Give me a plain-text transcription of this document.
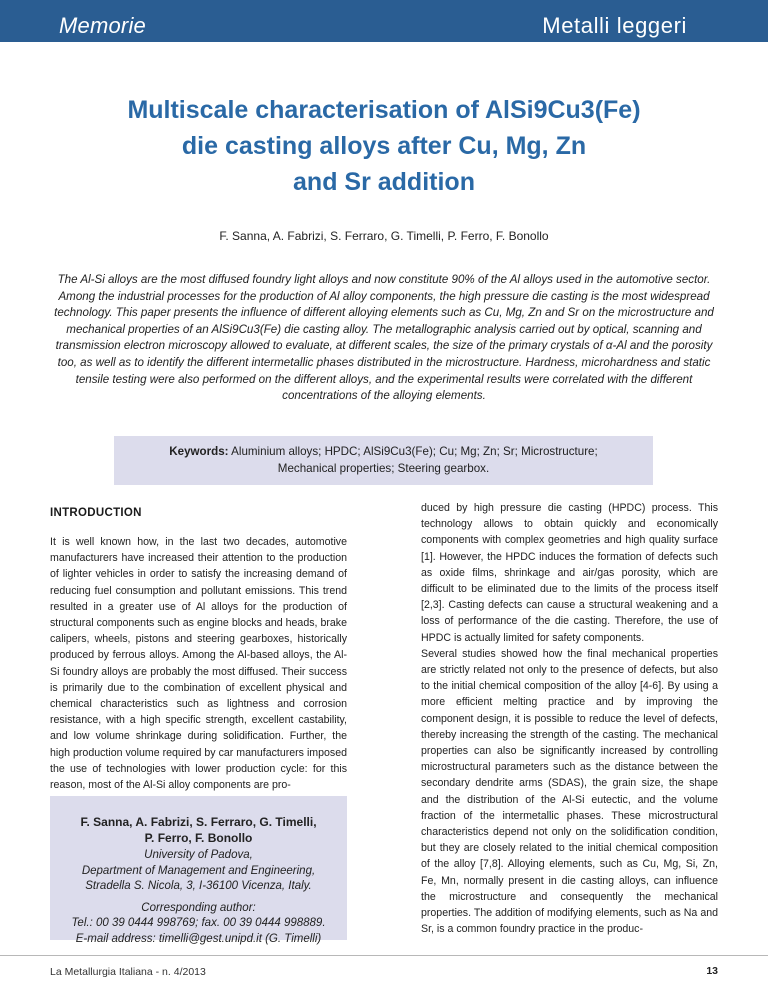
Memorie	Metalli leggeri
Multiscale characterisation of AlSi9Cu3(Fe)
die casting alloys after Cu, Mg, Zn
and Sr addition
F. Sanna, A. Fabrizi, S. Ferraro, G. Timelli, P. Ferro, F. Bonollo

The Al-Si alloys are the most diffused foundry light alloys and now constitute 90% of the Al alloys used in the automotive sector. Among the industrial processes for the production of Al alloy components, the high pressure die casting is the most widespread technology. This paper presents the influence of different alloying elements such as Cu, Mg, Zn and Sr on the microstructure and mechanical properties of an AlSi9Cu3(Fe) die casting alloy. The metallographic analysis carried out by optical, scanning and transmission electron microscopy allowed to evaluate, at different scales, the size of the primary crystals of α-Al and the porosity too, as well as to identify the different intermetallic phases distributed in the microstructure. Hardness, microhardness and static tensile testing were also performed on the different alloys, and the experimental results were correlated with the different concentrations of the alloying elements.

Keywords: Aluminium alloys; HPDC; AlSi9Cu3(Fe); Cu; Mg; Zn; Sr; Microstructure;
Mechanical properties; Steering gearbox.
INTRODUCTION

It is well known how, in the last two decades, automotive manufacturers have increased their attention to the production of lighter vehicles in order to satisfy the increasing demand of reducing fuel consumption and pollutant emissions. This trend resulted in a greater use of Al alloys for the production of structural components such as engine blocks and heads, brake calipers, wheels, pistons and steering gearboxes, historically produced by ferrous alloys. Among the Al-based alloys, the Al-Si foundry alloys are probably the most diffused. Their success is primarily due to the combination of excellent physical and chemical characteristics such as lightness and corrosion resistance, with a high specific strength, excellent castability, and low volume shrinkage during solidification. Further, the high production volume required by car manufacturers imposed the use of technologies with lower production cycle: for this reason, most of the Al-Si alloy components are pro-

F. Sanna, A. Fabrizi, S. Ferraro, G. Timelli,
P. Ferro, F. Bonollo
University of Padova,
Department of Management and Engineering,
Stradella S. Nicola, 3, I-36100 Vicenza, Italy.
Corresponding author:
Tel.: 00 39 0444 998769; fax. 00 39 0444 998889.
E-mail address: timelli@gest.unipd.it (G. Timelli)

duced by high pressure die casting (HPDC) process. This technology allows to obtain quickly and economically components with complex geometries and high quality surface [1]. However, the HPDC induces the formation of defects such as oxide films, shrinkage and air/gas porosity, which are difficult to be eliminated due to the limits of the process itself [2,3]. Casting defects can cause a structural weakening and a loss of performance of the die casting. Therefore, the use of HPDC is actually limited for safety components.

Several studies showed how the final mechanical properties are strictly related not only to the presence of defects, but also to the initial chemical composition of the alloy [4-6]. By using a more efficient melting practice and by improving the component design, it is possible to reduce the level of defects, thereby increasing the strength of the casting. The mechanical properties can also be significantly increased by controlling microstructural parameters such as the distance between the secondary dendrite arms (SDAS), the grain size, the shape and the distribution of the Al-Si eutectic, and the volume fraction of the intermetallic phases. These microstructural characteristics depend not only on the solidification condition, but they are closely related to the initial chemical composition of the alloy [7,8]. Alloying elements, such as Cu, Mg, Si, Zn, Fe, Mn, normally present in die casting alloys, can influence the microstructure and consequently the mechanical properties. The addition of modifying elements, such as Na and Sr, is a common foundry practice in the produc-

La Metallurgia Italiana - n. 4/2013	13
